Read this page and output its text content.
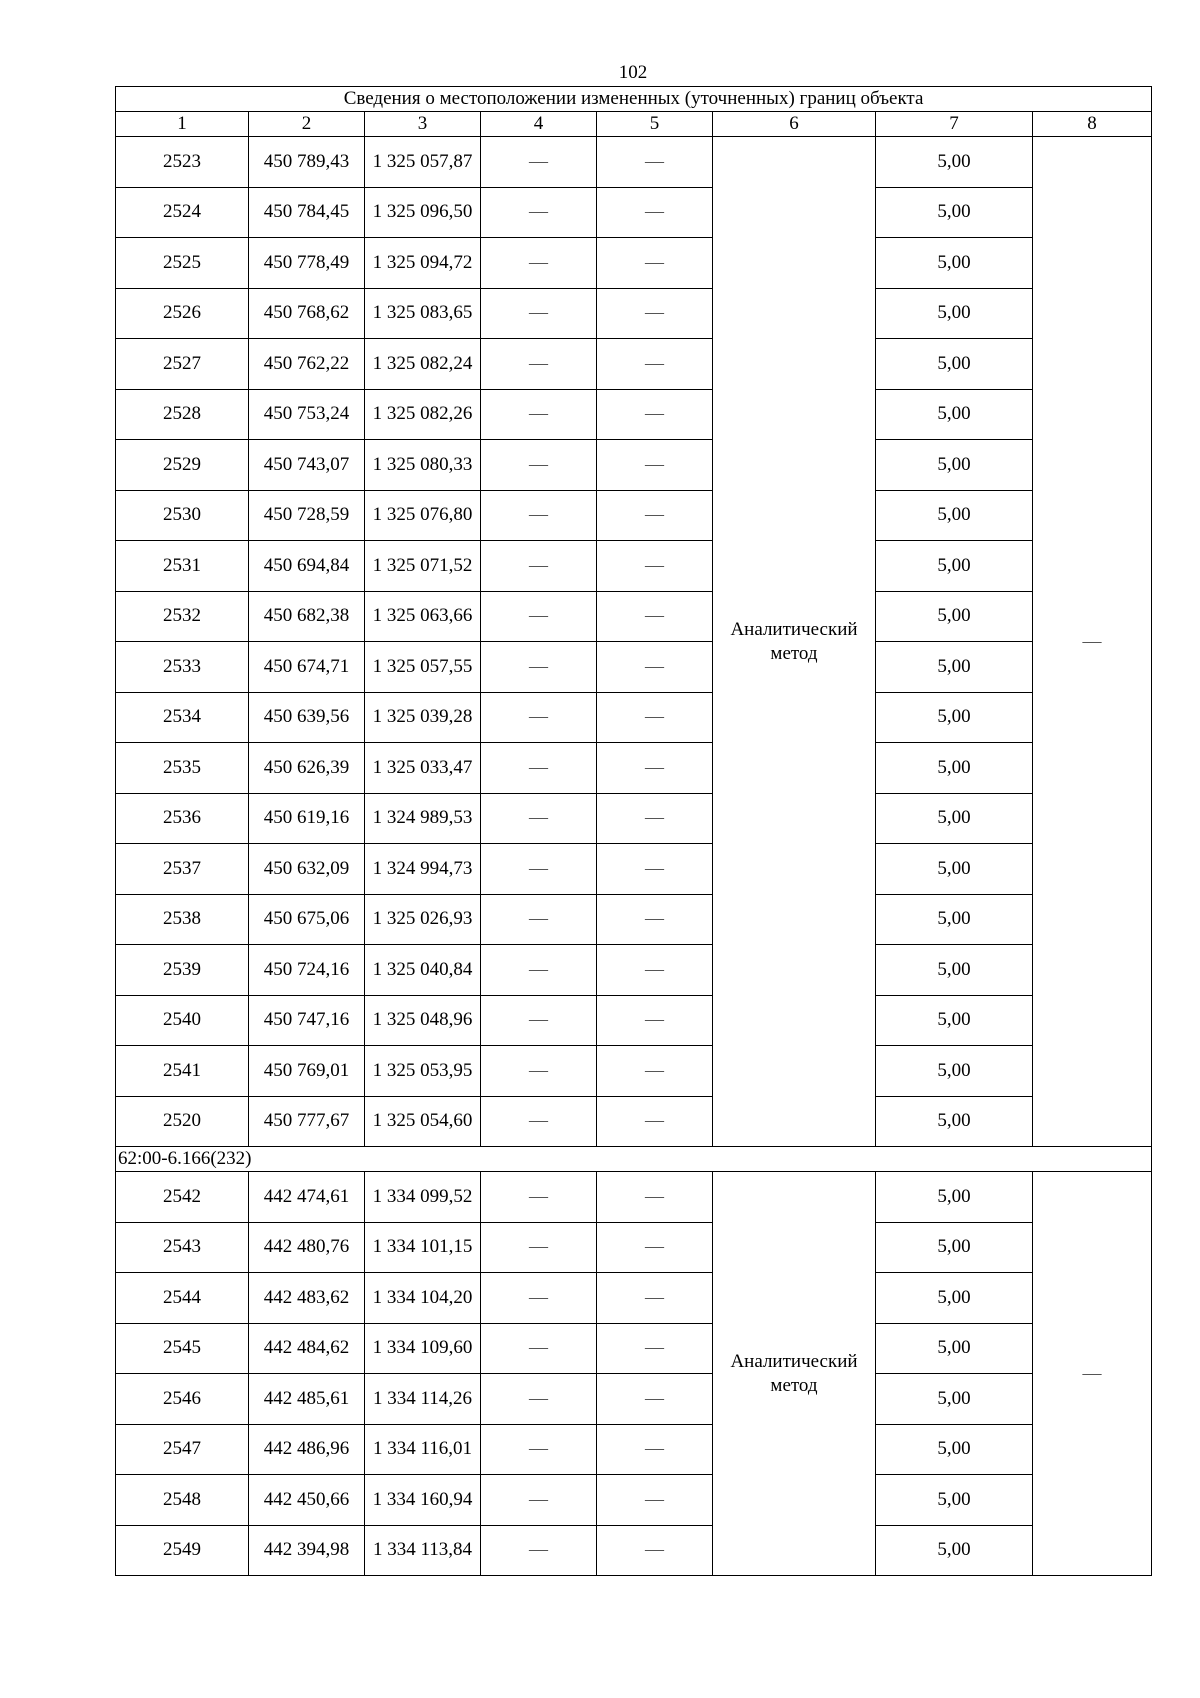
102
Сведения о местоположении измененных (уточненных) границ объекта							
1	2	3	4	5	6	7	8
2523	450 789,43	1 325 057,87	—	—	Аналитический метод	5,00	—
2524	450 784,45	1 325 096,50	—	—		5,00	
2525	450 778,49	1 325 094,72	—	—		5,00	
2526	450 768,62	1 325 083,65	—	—		5,00	
2527	450 762,22	1 325 082,24	—	—		5,00	
2528	450 753,24	1 325 082,26	—	—		5,00	
2529	450 743,07	1 325 080,33	—	—		5,00	
2530	450 728,59	1 325 076,80	—	—		5,00	
2531	450 694,84	1 325 071,52	—	—		5,00	
2532	450 682,38	1 325 063,66	—	—		5,00	
2533	450 674,71	1 325 057,55	—	—		5,00	
2534	450 639,56	1 325 039,28	—	—		5,00	
2535	450 626,39	1 325 033,47	—	—		5,00	
2536	450 619,16	1 324 989,53	—	—		5,00	
2537	450 632,09	1 324 994,73	—	—		5,00	
2538	450 675,06	1 325 026,93	—	—		5,00	
2539	450 724,16	1 325 040,84	—	—		5,00	
2540	450 747,16	1 325 048,96	—	—		5,00	
2541	450 769,01	1 325 053,95	—	—		5,00	
2520	450 777,67	1 325 054,60	—	—		5,00	
62:00-6.166(232)							
2542	442 474,61	1 334 099,52	—	—	Аналитический метод	5,00	—
2543	442 480,76	1 334 101,15	—	—		5,00	
2544	442 483,62	1 334 104,20	—	—		5,00	
2545	442 484,62	1 334 109,60	—	—		5,00	
2546	442 485,61	1 334 114,26	—	—		5,00	
2547	442 486,96	1 334 116,01	—	—		5,00	
2548	442 450,66	1 334 160,94	—	—		5,00	
2549	442 394,98	1 334 113,84	—	—		5,00	
